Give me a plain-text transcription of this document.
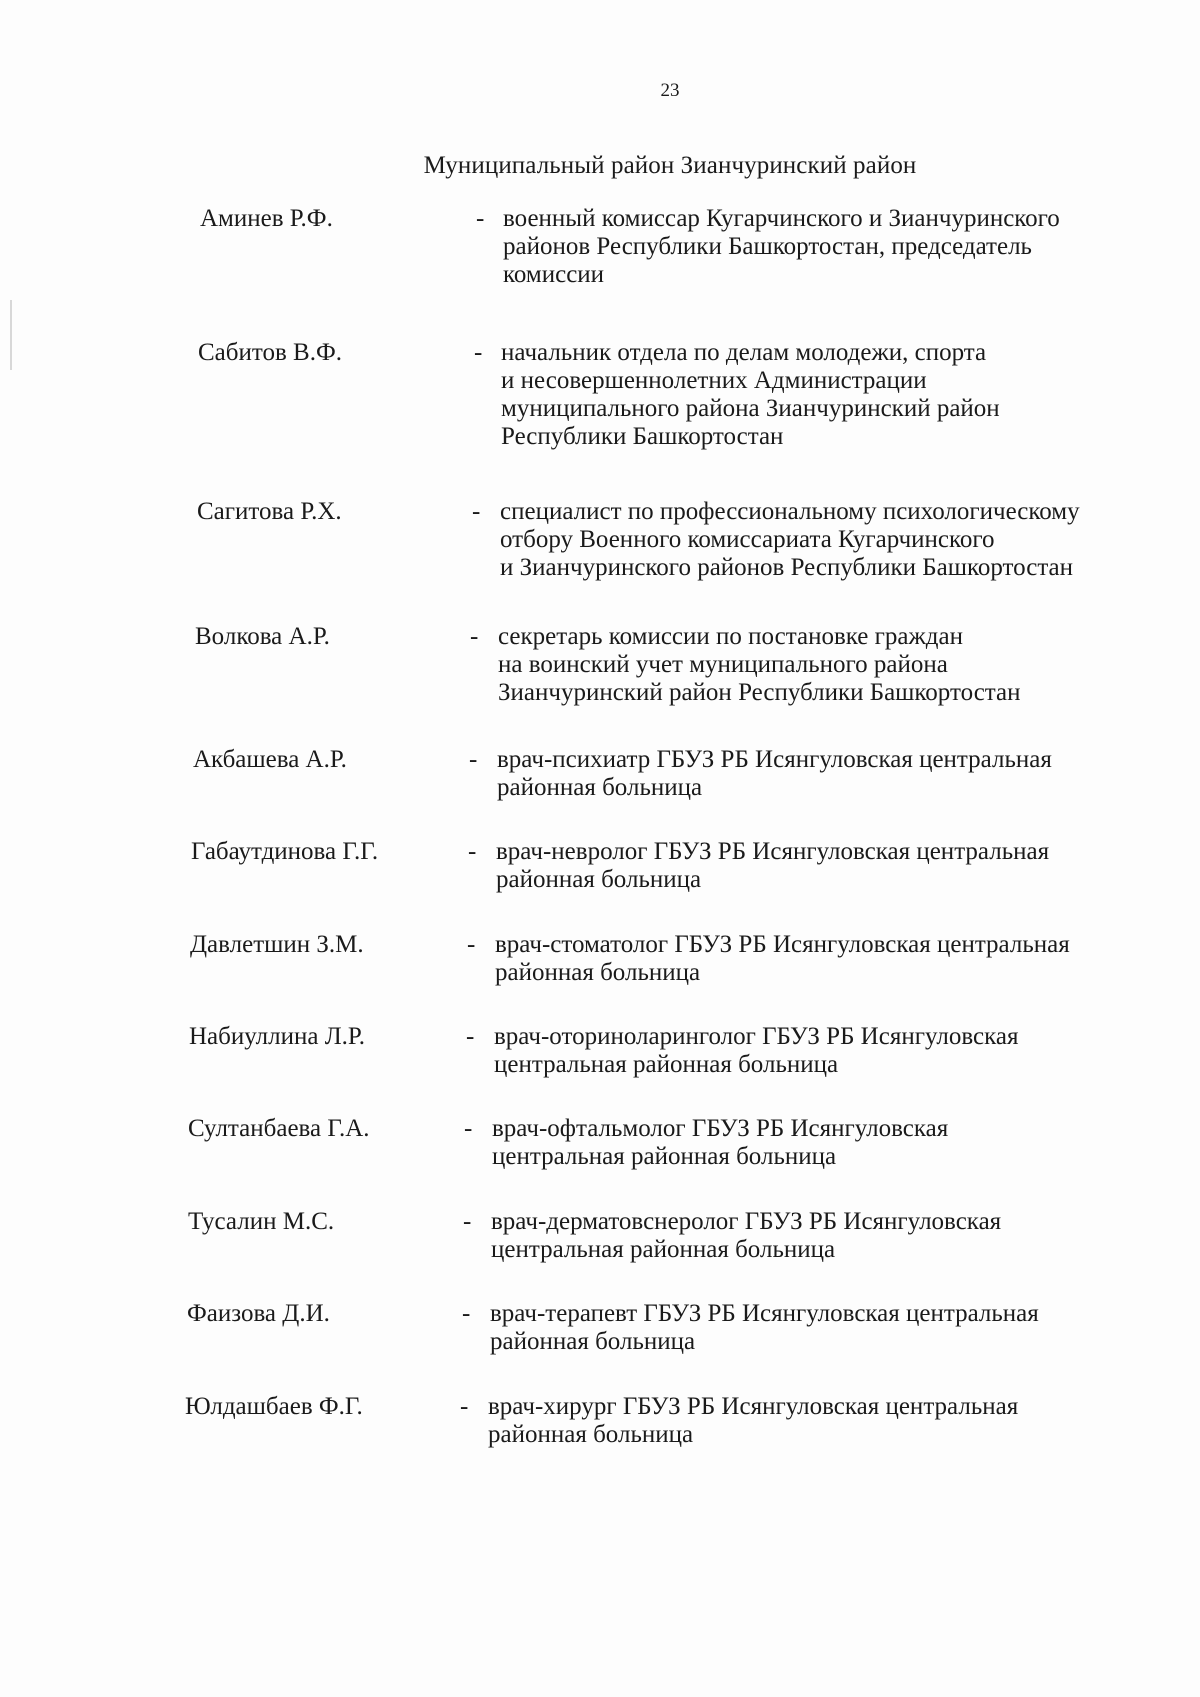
23
Муниципальный район Зианчуринский район
Аминев Р.Ф.	- военный комиссар Кугарчинского и Зианчуринского
районов Республики Башкортостан, председатель
комиссии
Сабитов В.Ф.	- начальник отдела по делам молодежи, спорта
и несовершеннолетних Администрации
муниципального района Зианчуринский район
Республики Башкортостан
Сагитова Р.Х.	- специалист по профессиональному психологическому
отбору Военного комиссариата Кугарчинского
и Зианчуринского районов Республики Башкортостан
Волкова А.Р.	- секретарь комиссии по постановке граждан
на воинский учет муниципального района
Зианчуринский район Республики Башкортостан
Акбашева А.Р.	- врач-психиатр ГБУЗ РБ Исянгуловская центральная
районная больница
Габаутдинова Г.Г.	- врач-невролог ГБУЗ РБ Исянгуловская центральная
районная больница
Давлетшин З.М.	- врач-стоматолог ГБУЗ РБ Исянгуловская центральная
районная больница
Набиуллина Л.Р.	- врач-оториноларинголог ГБУЗ РБ Исянгуловская
центральная районная больница
Султанбаева Г.А.	- врач-офтальмолог ГБУЗ РБ Исянгуловская
центральная районная больница
Тусалин М.С.	- врач-дерматовснеролог ГБУЗ РБ Исянгуловская
центральная районная больница
Фаизова Д.И.	- врач-терапевт ГБУЗ РБ Исянгуловская центральная
районная больница
Юлдашбаев Ф.Г.	- врач-хирург ГБУЗ РБ Исянгуловская центральная
районная больница
